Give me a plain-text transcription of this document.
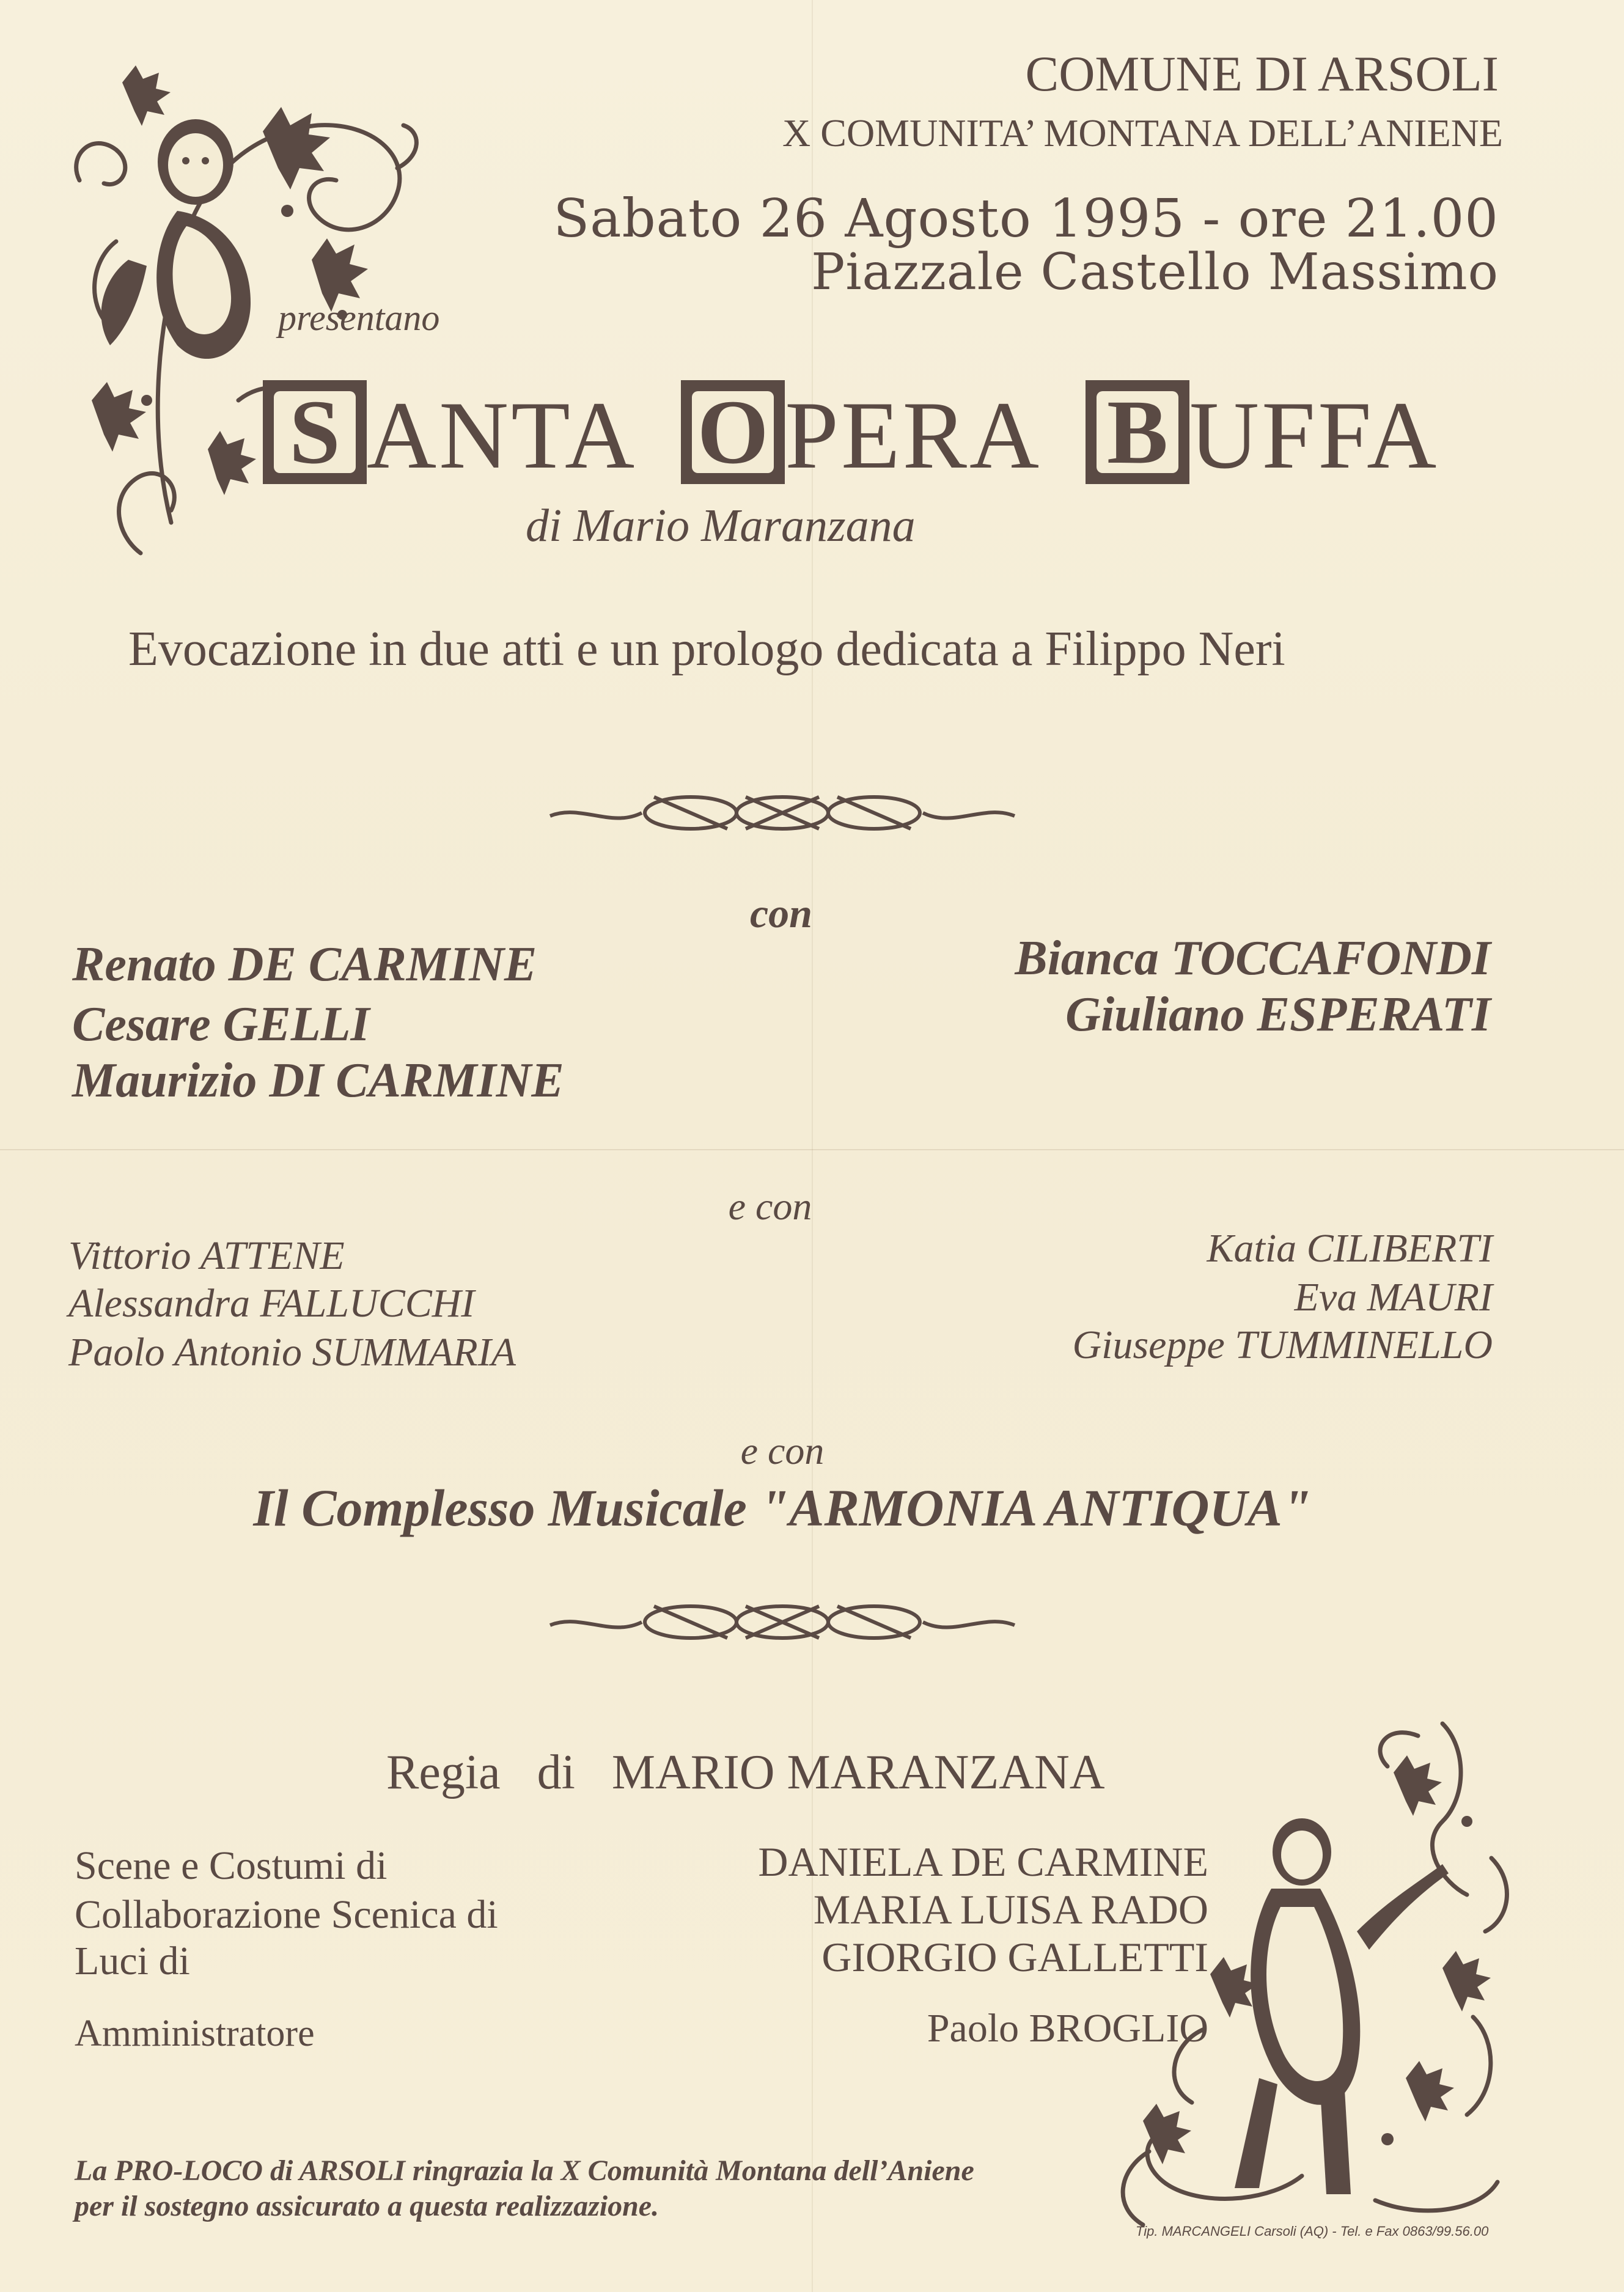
COMUNE DI ARSOLI
X COMUNITA’ MONTANA DELL’ANIENE
Sabato 26 Agosto 1995 - ore 21.00
Piazzale Castello Massimo
presentano
S ANTA O PERA B UFFA
di Mario Maranzana
Evocazione in due atti e un prologo dedicata a Filippo Neri
con
Renato DE CARMINE
Cesare GELLI
Maurizio DI CARMINE
Bianca TOCCAFONDI
Giuliano ESPERATI
e con
Vittorio ATTENE
Alessandra FALLUCCHI
Paolo Antonio SUMMARIA
Katia CILIBERTI
Eva MAURI
Giuseppe TUMMINELLO
e con
Il Complesso Musicale "ARMONIA ANTIQUA"
Regia di MARIO MARANZANA
Scene e Costumi di
Collaborazione Scenica di
Luci di
Amministratore
DANIELA DE CARMINE
MARIA LUISA RADO
GIORGIO GALLETTI
Paolo BROGLIO
La PRO-LOCO di ARSOLI ringrazia la X Comunità Montana dell’Aniene
per il sostegno assicurato a questa realizzazione.
Tip. MARCANGELI Carsoli (AQ) - Tel. e Fax 0863/99.56.00
